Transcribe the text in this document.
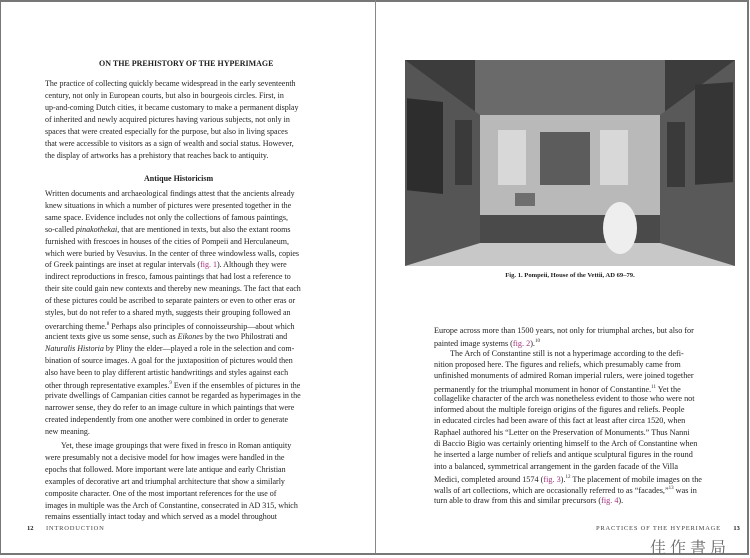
ON THE PREHISTORY OF THE HYPERIMAGE
The practice of collecting quickly became widespread in the early seventeenth
century, not only in European courts, but also in bourgeois circles. First, in
up-and-coming Dutch cities, it became customary to make a permanent display
of inherited and newly acquired pictures having various subjects, not only in
spaces that were created especially for the purpose, but also in living spaces
that were accessible to visitors as a sign of wealth and social status. However,
the display of artworks has a prehistory that reaches back to antiquity.
Antique Historicism
Written documents and archaeological findings attest that the ancients already
knew situations in which a number of pictures were presented together in the
same space. Evidence includes not only the collections of famous paintings,
so-called pinakothekai, that are mentioned in texts, but also the extant rooms
furnished with frescoes in houses of the cities of Pompeii and Herculaneum,
which were buried by Vesuvius. In the center of three windowless walls, copies
of Greek paintings are inset at regular intervals (fig. 1). Although they were
indirect reproductions in fresco, famous paintings that had lost a reference to
their site could gain new contexts and thereby new meanings. The fact that each
of these pictures could be ascribed to separate painters or even to other eras or
styles, but do not refer to a shared myth, suggests their grouping followed an
overarching theme.$^8$ Perhaps also principles of connoisseurship—about which
ancient texts give us some sense, such as Eikones by the two Philostrati and
Naturalis Historia by Pliny the elder—played a role in the selection and com-
bination of source images. A goal for the juxtaposition of pictures would then
also have been to play different artistic handwritings and styles against each
other through representative examples.$^9$ Even if the ensembles of pictures in the
private dwellings of Campanian cities cannot be regarded as hyperimages in the
narrower sense, they do refer to an image culture in which paintings that were
created independently from one another were combined in order to generate
new meaning.
Yet, these image groupings that were fixed in fresco in Roman antiquity
were presumably not a decisive model for how images were handled in the
epochs that followed. More important were late antique and early Christian
examples of decorative art and triumphal architecture that show a similarly
composite character. One of the most important references for the use of
images in multiple was the Arch of Constantine, consecrated in AD 315, which
remains essentially intact today and which served as a model throughout
12 INTRODUCTION
Fig. 1. Pompeii, House of the Vettii, AD 69–79.
Europe across more than 1500 years, not only for triumphal arches, but also for
painted image systems (fig. 2).$^{10}$
The Arch of Constantine still is not a hyperimage according to the defi-
nition proposed here. The figures and reliefs, which presumably came from
unfinished monuments of admired Roman imperial rulers, were joined together
permanently for the triumphal monument in honor of Constantine.$^{11}$ Yet the
collagelike character of the arch was nonetheless evident to those who were not
informed about the multiple foreign origins of the figures and reliefs. People
in educated circles had been aware of this fact at least after circa 1520, when
Raphael authored his “Letter on the Preservation of Monuments.” Thus Nanni
di Baccio Bigio was certainly orienting himself to the Arch of Constantine when
he inserted a large number of reliefs and antique sculptural figures in the round
into a balanced, symmetrical arrangement in the garden facade of the Villa
Medici, completed around 1574 (fig. 3).$^{12}$ The placement of mobile images on the
walls of art collections, which are occasionally referred to as “facades,”$^{13}$ was in
turn able to draw from this and similar precursors (fig. 4).
PRACTICES OF THE HYPERIMAGE 13
佳作書局
